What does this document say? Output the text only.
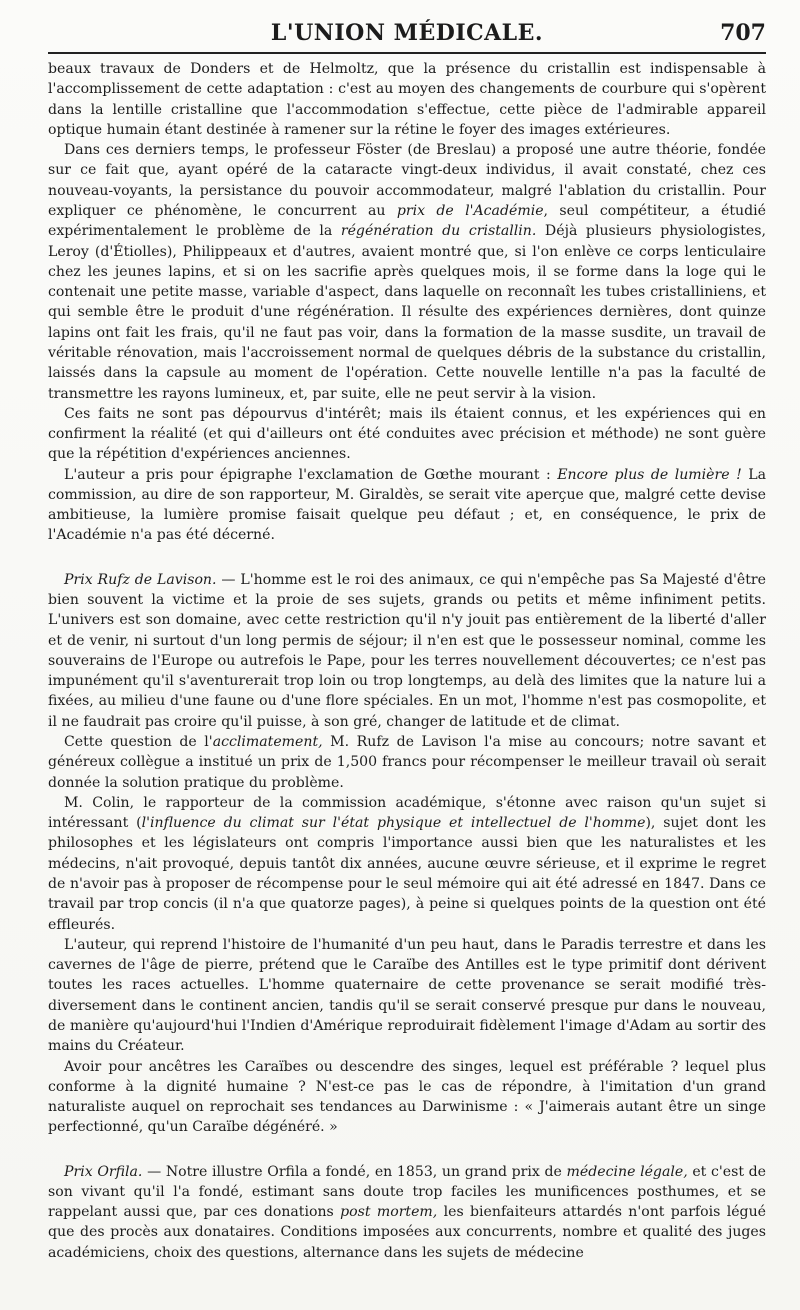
L'UNION MÉDICALE.	707

beaux travaux de Donders et de Helmoltz, que la présence du cristallin est indispensable à l'accomplissement de cette adaptation : c'est au moyen des changements de courbure qui s'opèrent dans la lentille cristalline que l'accommodation s'effectue, cette pièce de l'admirable appareil optique humain étant destinée à ramener sur la rétine le foyer des images extérieures.

Dans ces derniers temps, le professeur Föster (de Breslau) a proposé une autre théorie, fondée sur ce fait que, ayant opéré de la cataracte vingt-deux individus, il avait constaté, chez ces nouveau-voyants, la persistance du pouvoir accommodateur, malgré l'ablation du cristallin. Pour expliquer ce phénomène, le concurrent au prix de l'Académie, seul compétiteur, a étudié expérimentalement le problème de la régénération du cristallin. Déjà plusieurs physiologistes, Leroy (d'Étiolles), Philippeaux et d'autres, avaient montré que, si l'on enlève ce corps lenticulaire chez les jeunes lapins, et si on les sacrifie après quelques mois, il se forme dans la loge qui le contenait une petite masse, variable d'aspect, dans laquelle on reconnaît les tubes cristalliniens, et qui semble être le produit d'une régénération. Il résulte des expériences dernières, dont quinze lapins ont fait les frais, qu'il ne faut pas voir, dans la formation de la masse susdite, un travail de véritable rénovation, mais l'accroissement normal de quelques débris de la substance du cristallin, laissés dans la capsule au moment de l'opération. Cette nouvelle lentille n'a pas la faculté de transmettre les rayons lumineux, et, par suite, elle ne peut servir à la vision.

Ces faits ne sont pas dépourvus d'intérêt; mais ils étaient connus, et les expériences qui en confirment la réalité (et qui d'ailleurs ont été conduites avec précision et méthode) ne sont guère que la répétition d'expériences anciennes.

L'auteur a pris pour épigraphe l'exclamation de Gœthe mourant : Encore plus de lumière ! La commission, au dire de son rapporteur, M. Giraldès, se serait vite aperçue que, malgré cette devise ambitieuse, la lumière promise faisait quelque peu défaut ; et, en conséquence, le prix de l'Académie n'a pas été décerné.

Prix Rufz de Lavison. — L'homme est le roi des animaux, ce qui n'empêche pas Sa Majesté d'être bien souvent la victime et la proie de ses sujets, grands ou petits et même infiniment petits. L'univers est son domaine, avec cette restriction qu'il n'y jouit pas entièrement de la liberté d'aller et de venir, ni surtout d'un long permis de séjour; il n'en est que le possesseur nominal, comme les souverains de l'Europe ou autrefois le Pape, pour les terres nouvellement découvertes; ce n'est pas impunément qu'il s'aventurerait trop loin ou trop longtemps, au delà des limites que la nature lui a fixées, au milieu d'une faune ou d'une flore spéciales. En un mot, l'homme n'est pas cosmopolite, et il ne faudrait pas croire qu'il puisse, à son gré, changer de latitude et de climat.

Cette question de l'acclimatement, M. Rufz de Lavison l'a mise au concours; notre savant et généreux collègue a institué un prix de 1,500 francs pour récompenser le meilleur travail où serait donnée la solution pratique du problème.

M. Colin, le rapporteur de la commission académique, s'étonne avec raison qu'un sujet si intéressant (l'influence du climat sur l'état physique et intellectuel de l'homme), sujet dont les philosophes et les législateurs ont compris l'importance aussi bien que les naturalistes et les médecins, n'ait provoqué, depuis tantôt dix années, aucune œuvre sérieuse, et il exprime le regret de n'avoir pas à proposer de récompense pour le seul mémoire qui ait été adressé en 1847. Dans ce travail par trop concis (il n'a que quatorze pages), à peine si quelques points de la question ont été effleurés.

L'auteur, qui reprend l'histoire de l'humanité d'un peu haut, dans le Paradis terrestre et dans les cavernes de l'âge de pierre, prétend que le Caraïbe des Antilles est le type primitif dont dérivent toutes les races actuelles. L'homme quaternaire de cette provenance se serait modifié très-diversement dans le continent ancien, tandis qu'il se serait conservé presque pur dans le nouveau, de manière qu'aujourd'hui l'Indien d'Amérique reproduirait fidèlement l'image d'Adam au sortir des mains du Créateur.

Avoir pour ancêtres les Caraïbes ou descendre des singes, lequel est préférable ? lequel plus conforme à la dignité humaine ? N'est-ce pas le cas de répondre, à l'imitation d'un grand naturaliste auquel on reprochait ses tendances au Darwinisme : « J'aimerais autant être un singe perfectionné, qu'un Caraïbe dégénéré. »

Prix Orfila. — Notre illustre Orfila a fondé, en 1853, un grand prix de médecine légale, et c'est de son vivant qu'il l'a fondé, estimant sans doute trop faciles les munificences posthumes, et se rappelant aussi que, par ces donations post mortem, les bienfaiteurs attardés n'ont parfois légué que des procès aux donataires. Conditions imposées aux concurrents, nombre et qualité des juges académiciens, choix des questions, alternance dans les sujets de médecine
